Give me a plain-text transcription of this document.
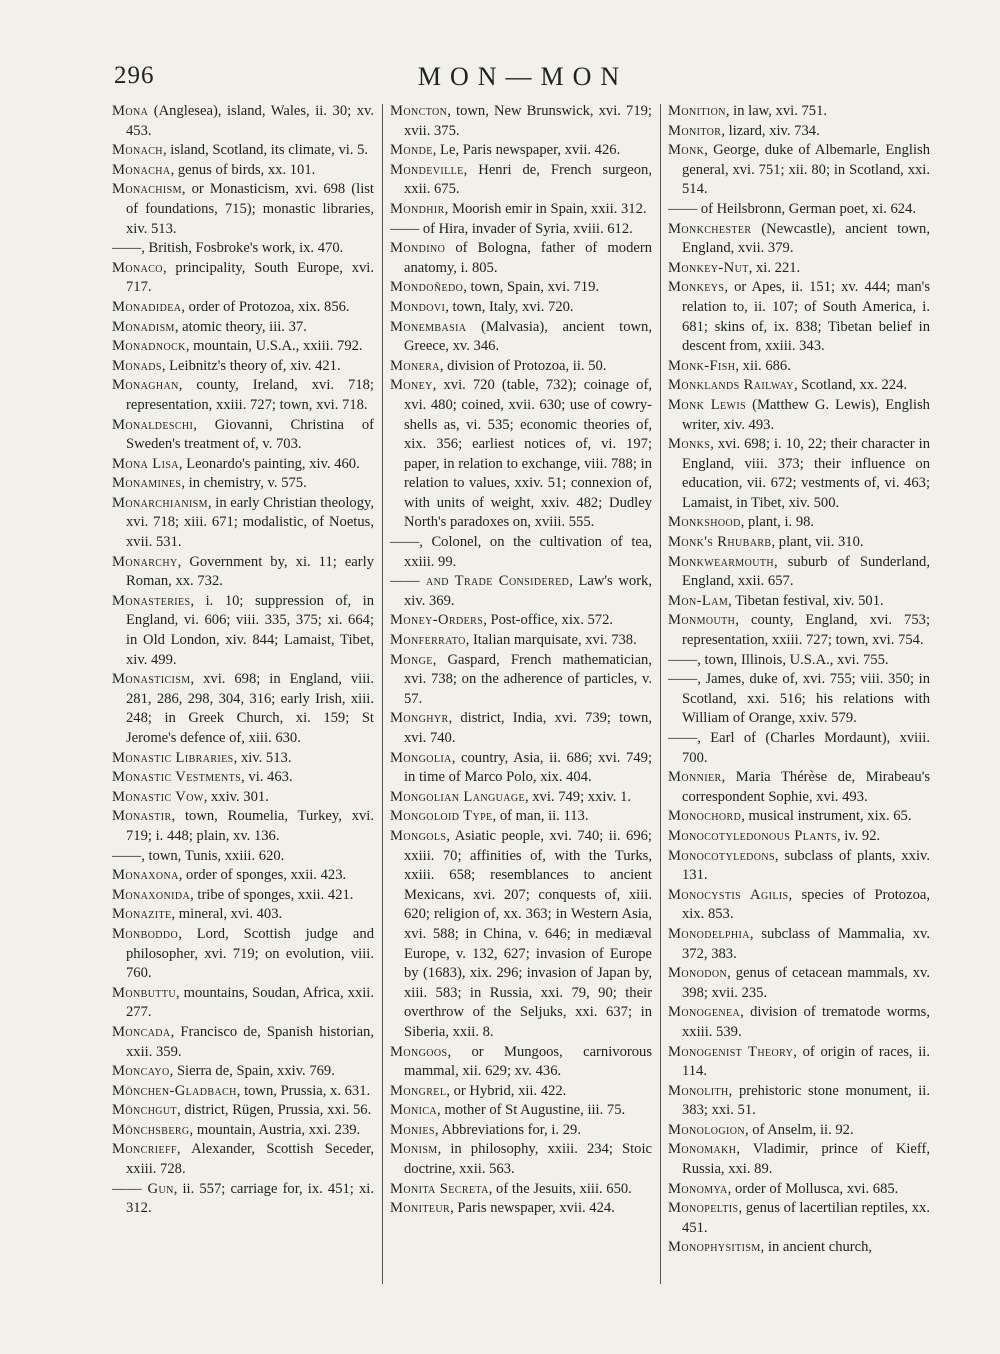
296	MON—MON

Mona (Anglesea), island, Wales, ii. 30; xv. 453.

Monach, island, Scotland, its climate, vi. 5.

Monacha, genus of birds, xx. 101.

Monachism, or Monasticism, xvi. 698 (list of foundations, 715); monastic libraries, xiv. 513.

——, British, Fosbroke's work, ix. 470.

Monaco, principality, South Europe, xvi. 717.

Monadidea, order of Protozoa, xix. 856.

Monadism, atomic theory, iii. 37.

Monadnock, mountain, U.S.A., xxiii. 792.

Monads, Leibnitz's theory of, xiv. 421.

Monaghan, county, Ireland, xvi. 718; representation, xxiii. 727; town, xvi. 718.

Monaldeschi, Giovanni, Christina of Sweden's treatment of, v. 703.

Mona Lisa, Leonardo's painting, xiv. 460.

Monamines, in chemistry, v. 575.

Monarchianism, in early Christian theology, xvi. 718; xiii. 671; modalistic, of Noetus, xvii. 531.

Monarchy, Government by, xi. 11; early Roman, xx. 732.

Monasteries, i. 10; suppression of, in England, vi. 606; viii. 335, 375; xi. 664; in Old London, xiv. 844; Lamaist, Tibet, xiv. 499.

Monasticism, xvi. 698; in England, viii. 281, 286, 298, 304, 316; early Irish, xiii. 248; in Greek Church, xi. 159; St Jerome's defence of, xiii. 630.

Monastic Libraries, xiv. 513.

Monastic Vestments, vi. 463.

Monastic Vow, xxiv. 301.

Monastir, town, Roumelia, Turkey, xvi. 719; i. 448; plain, xv. 136.

——, town, Tunis, xxiii. 620.

Monaxona, order of sponges, xxii. 423.

Monaxonida, tribe of sponges, xxii. 421.

Monazite, mineral, xvi. 403.

Monboddo, Lord, Scottish judge and philosopher, xvi. 719; on evolution, viii. 760.

Monbuttu, mountains, Soudan, Africa, xxii. 277.

Moncada, Francisco de, Spanish historian, xxii. 359.

Moncayo, Sierra de, Spain, xxiv. 769.

Mönchen-Gladbach, town, Prussia, x. 631.

Mönchgut, district, Rügen, Prussia, xxi. 56.

Mönchsberg, mountain, Austria, xxi. 239.

Moncrieff, Alexander, Scottish Seceder, xxiii. 728.

—— Gun, ii. 557; carriage for, ix. 451; xi. 312.

Moncton, town, New Brunswick, xvi. 719; xvii. 375.

Monde, Le, Paris newspaper, xvii. 426.

Mondeville, Henri de, French surgeon, xxii. 675.

Mondhir, Moorish emir in Spain, xxii. 312.

—— of Hira, invader of Syria, xviii. 612.

Mondino of Bologna, father of modern anatomy, i. 805.

Mondoñedo, town, Spain, xvi. 719.

Mondovi, town, Italy, xvi. 720.

Monembasia (Malvasia), ancient town, Greece, xv. 346.

Monera, division of Protozoa, ii. 50.

Money, xvi. 720 (table, 732); coinage of, xvi. 480; coined, xvii. 630; use of cowry-shells as, vi. 535; economic theories of, xix. 356; earliest notices of, vi. 197; paper, in relation to exchange, viii. 788; in relation to values, xxiv. 51; connexion of, with units of weight, xxiv. 482; Dudley North's paradoxes on, xviii. 555.

——, Colonel, on the cultivation of tea, xxiii. 99.

—— and Trade Considered, Law's work, xiv. 369.

Money-Orders, Post-office, xix. 572.

Monferrato, Italian marquisate, xvi. 738.

Monge, Gaspard, French mathematician, xvi. 738; on the adherence of particles, v. 57.

Monghyr, district, India, xvi. 739; town, xvi. 740.

Mongolia, country, Asia, ii. 686; xvi. 749; in time of Marco Polo, xix. 404.

Mongolian Language, xvi. 749; xxiv. 1.

Mongoloid Type, of man, ii. 113.

Mongols, Asiatic people, xvi. 740; ii. 696; xxiii. 70; affinities of, with the Turks, xxiii. 658; resemblances to ancient Mexicans, xvi. 207; conquests of, xiii. 620; religion of, xx. 363; in Western Asia, xvi. 588; in China, v. 646; in mediæval Europe, v. 132, 627; invasion of Europe by (1683), xix. 296; invasion of Japan by, xiii. 583; in Russia, xxi. 79, 90; their overthrow of the Seljuks, xxi. 637; in Siberia, xxii. 8.

Mongoos, or Mungoos, carnivorous mammal, xii. 629; xv. 436.

Mongrel, or Hybrid, xii. 422.

Monica, mother of St Augustine, iii. 75.

Monies, Abbreviations for, i. 29.

Monism, in philosophy, xxiii. 234; Stoic doctrine, xxii. 563.

Monita Secreta, of the Jesuits, xiii. 650.

Moniteur, Paris newspaper, xvii. 424.

Monition, in law, xvi. 751.

Monitor, lizard, xiv. 734.

Monk, George, duke of Albemarle, English general, xvi. 751; xii. 80; in Scotland, xxi. 514.

—— of Heilsbronn, German poet, xi. 624.

Monkchester (Newcastle), ancient town, England, xvii. 379.

Monkey-Nut, xi. 221.

Monkeys, or Apes, ii. 151; xv. 444; man's relation to, ii. 107; of South America, i. 681; skins of, ix. 838; Tibetan belief in descent from, xxiii. 343.

Monk-Fish, xii. 686.

Monklands Railway, Scotland, xx. 224.

Monk Lewis (Matthew G. Lewis), English writer, xiv. 493.

Monks, xvi. 698; i. 10, 22; their character in England, viii. 373; their influence on education, vii. 672; vestments of, vi. 463; Lamaist, in Tibet, xiv. 500.

Monkshood, plant, i. 98.

Monk's Rhubarb, plant, vii. 310.

Monkwearmouth, suburb of Sunderland, England, xxii. 657.

Mon-Lam, Tibetan festival, xiv. 501.

Monmouth, county, England, xvi. 753; representation, xxiii. 727; town, xvi. 754.

——, town, Illinois, U.S.A., xvi. 755.

——, James, duke of, xvi. 755; viii. 350; in Scotland, xxi. 516; his relations with William of Orange, xxiv. 579.

——, Earl of (Charles Mordaunt), xviii. 700.

Monnier, Maria Thérèse de, Mirabeau's correspondent Sophie, xvi. 493.

Monochord, musical instrument, xix. 65.

Monocotyledonous Plants, iv. 92.

Monocotyledons, subclass of plants, xxiv. 131.

Monocystis Agilis, species of Protozoa, xix. 853.

Monodelphia, subclass of Mammalia, xv. 372, 383.

Monodon, genus of cetacean mammals, xv. 398; xvii. 235.

Monogenea, division of trematode worms, xxiii. 539.

Monogenist Theory, of origin of races, ii. 114.

Monolith, prehistoric stone monument, ii. 383; xxi. 51.

Monologion, of Anselm, ii. 92.

Monomakh, Vladimir, prince of Kieff, Russia, xxi. 89.

Monomya, order of Mollusca, xvi. 685.

Monopeltis, genus of lacertilian reptiles, xx. 451.

Monophysitism, in ancient church,
